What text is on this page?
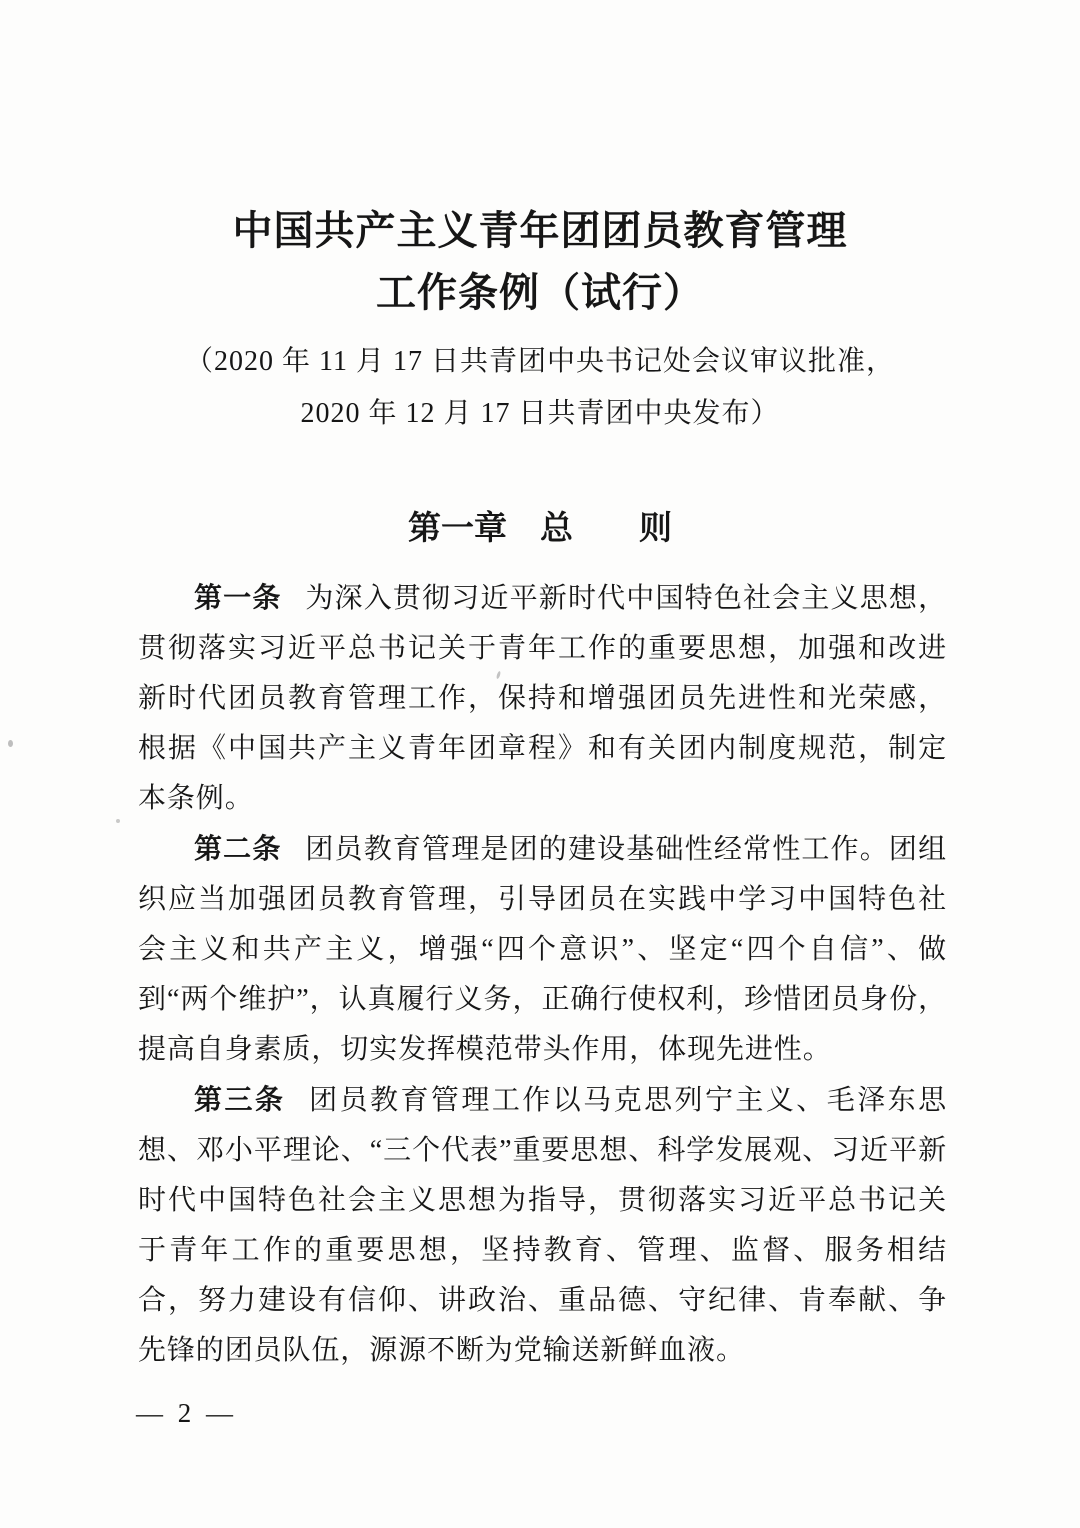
中国共产主义青年团团员教育管理
工作条例（试行）
（2020 年 11 月 17 日共青团中央书记处会议审议批准，
2020 年 12 月 17 日共青团中央发布）
第一章　总　　则

第一条 为深入贯彻习近平新时代中国特色社会主义思想，贯彻落实习近平总书记关于青年工作的重要思想，加强和改进新时代团员教育管理工作，保持和增强团员先进性和光荣感，根据《中国共产主义青年团章程》和有关团内制度规范，制定本条例。

第二条 团员教育管理是团的建设基础性经常性工作。团组织应当加强团员教育管理，引导团员在实践中学习中国特色社会主义和共产主义，增强“四个意识”、坚定“四个自信”、做到“两个维护”，认真履行义务，正确行使权利，珍惜团员身份，提高自身素质，切实发挥模范带头作用，体现先进性。

第三条 团员教育管理工作以马克思列宁主义、毛泽东思想、邓小平理论、“三个代表”重要思想、科学发展观、习近平新时代中国特色社会主义思想为指导，贯彻落实习近平总书记关于青年工作的重要思想，坚持教育、管理、监督、服务相结合，努力建设有信仰、讲政治、重品德、守纪律、肯奉献、争先锋的团员队伍，源源不断为党输送新鲜血液。

— 2 —
